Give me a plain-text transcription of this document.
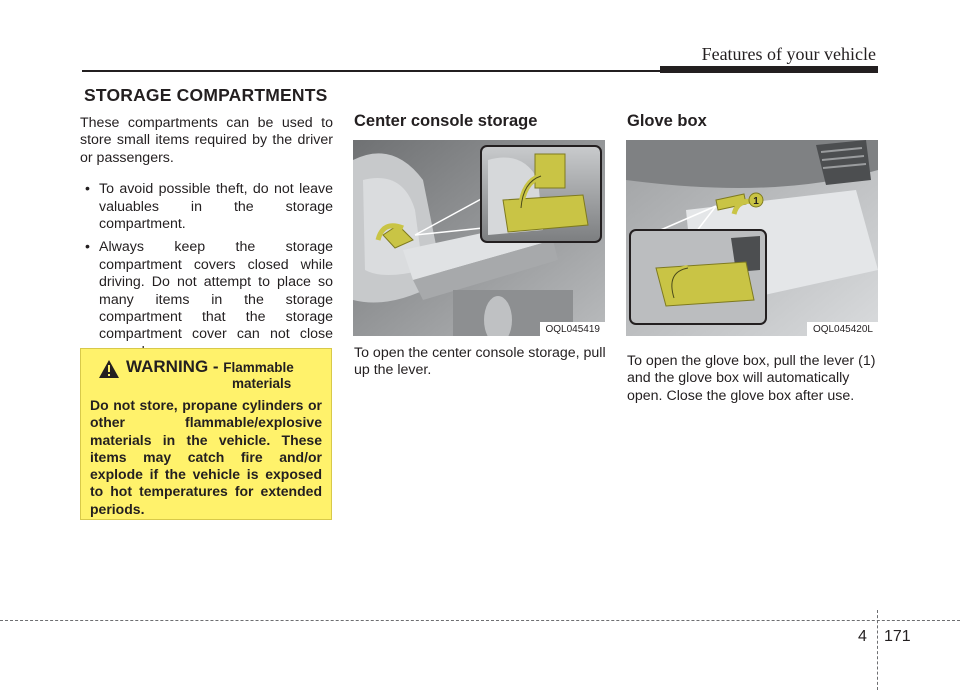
Features of your vehicle
STORAGE COMPARTMENTS

These compartments can be used to store small items required by the driver or passengers.

• To avoid possible theft, do not leave valuables in the storage compartment.
• Always keep the storage compartment covers closed while driving. Do not attempt to place so many items in the storage compartment that the storage compartment cover can not close
WARNING - Flammable
materials
Do not store, propane cylinders or other flammable/explosive materials in the vehicle. These items may catch fire and/or explode if the vehicle is exposed to hot temperatures for extended periods.
Center console storage
OQL045419

To open the center console storage, pull up the lever.

Glove box
1
OQL045420L

To open the glove box, pull the lever (1) and the glove box will automatically open. Close the glove box after use.

4 171
